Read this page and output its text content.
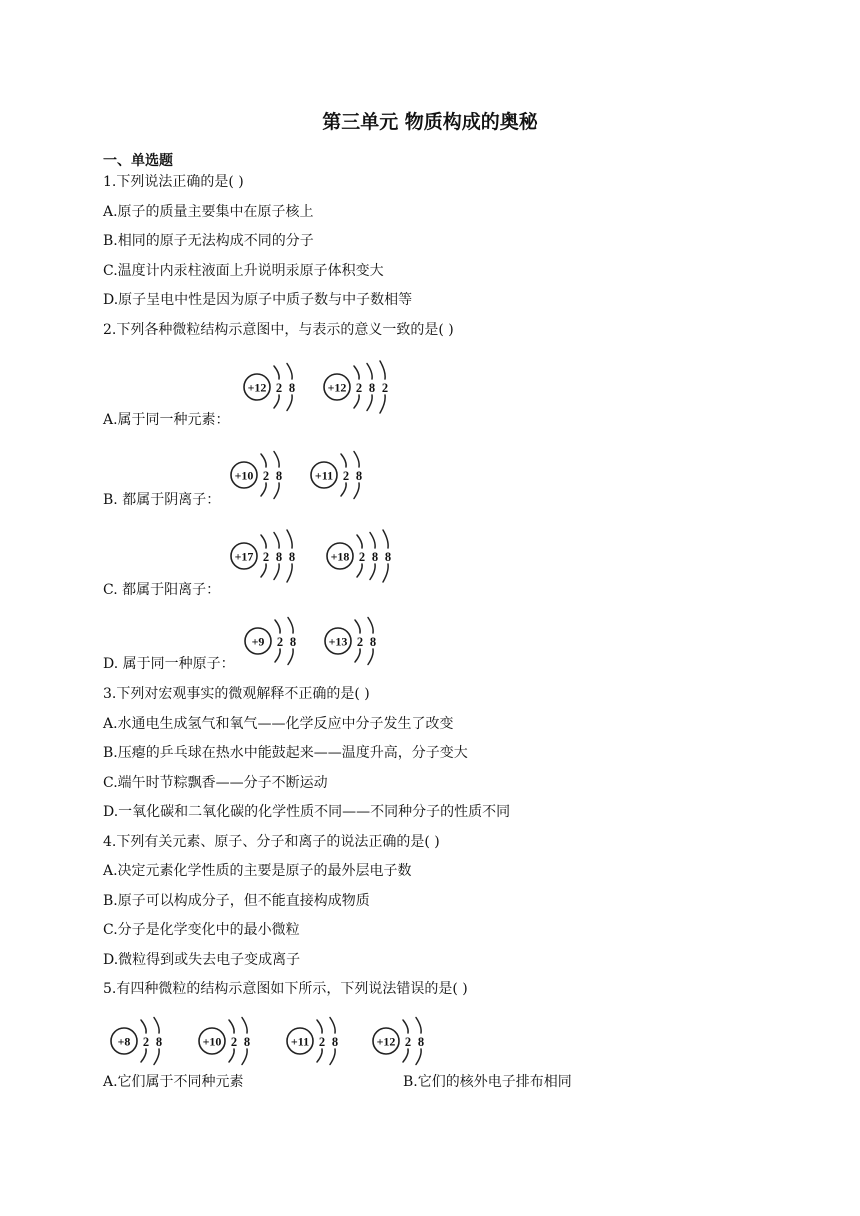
第三单元 物质构成的奥秘
一、单选题
1.下列说法正确的是( )
A.原子的质量主要集中在原子核上
B.相同的原子无法构成不同的分子
C.温度计内汞柱液面上升说明汞原子体积变大
D.原子呈电中性是因为原子中质子数与中子数相等
2.下列各种微粒结构示意图中，与表示的意义一致的是( )
A.属于同一种元素：
+12 2 8	+12 2 8 2
B. 都属于阴离子：
+10 2 8	+11 2 8
C. 都属于阳离子：
+17 2 8 8	+18 2 8 8
D. 属于同一种原子：
+9 2 8	+13 2 8
3.下列对宏观事实的微观解释不正确的是( )
A.水通电生成氢气和氧气——化学反应中分子发生了改变
B.压瘪的乒乓球在热水中能鼓起来——温度升高，分子变大
C.端午时节粽飘香——分子不断运动
D.一氧化碳和二氧化碳的化学性质不同——不同种分子的性质不同
4.下列有关元素、原子、分子和离子的说法正确的是( )
A.决定元素化学性质的主要是原子的最外层电子数
B.原子可以构成分子，但不能直接构成物质
C.分子是化学变化中的最小微粒
D.微粒得到或失去电子变成离子
5.有四种微粒的结构示意图如下所示，下列说法错误的是( )
+8 2 8	+10 2 8	+11 2 8	+12 2 8
A.它们属于不同种元素	B.它们的核外电子排布相同
